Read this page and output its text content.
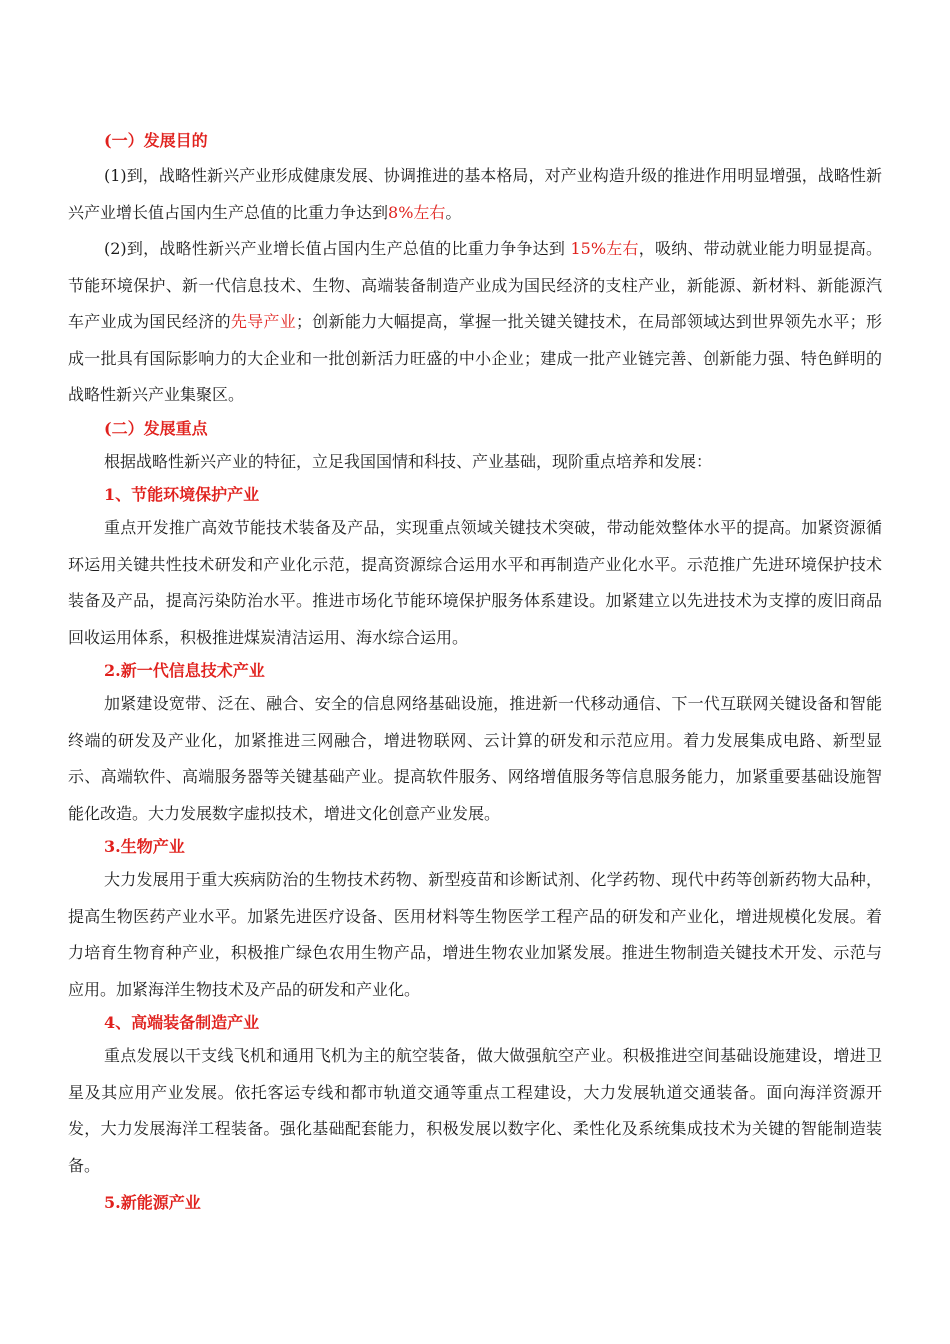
(一）发展目的

(1)到，战略性新兴产业形成健康发展、协调推进的基本格局，对产业构造升级的推进作用明显增强，战略性新兴产业增长值占国内生产总值的比重力争达到8%左右。

(2)到，战略性新兴产业增长值占国内生产总值的比重力争争达到 15%左右，吸纳、带动就业能力明显提高。节能环境保护、新一代信息技术、生物、高端装备制造产业成为国民经济的支柱产业，新能源、新材料、新能源汽车产业成为国民经济的先导产业；创新能力大幅提高，掌握一批关键关键技术，在局部领域达到世界领先水平；形成一批具有国际影响力的大企业和一批创新活力旺盛的中小企业；建成一批产业链完善、创新能力强、特色鲜明的战略性新兴产业集聚区。

(二）发展重点

根据战略性新兴产业的特征，立足我国国情和科技、产业基础，现阶重点培养和发展：

1、节能环境保护产业

重点开发推广高效节能技术装备及产品，实现重点领域关键技术突破，带动能效整体水平的提高。加紧资源循环运用关键共性技术研发和产业化示范，提高资源综合运用水平和再制造产业化水平。示范推广先进环境保护技术装备及产品，提高污染防治水平。推进市场化节能环境保护服务体系建设。加紧建立以先进技术为支撑的废旧商品回收运用体系，积极推进煤炭清洁运用、海水综合运用。

2.新一代信息技术产业

加紧建设宽带、泛在、融合、安全的信息网络基础设施，推进新一代移动通信、下一代互联网关键设备和智能终端的研发及产业化，加紧推进三网融合，增进物联网、云计算的研发和示范应用。着力发展集成电路、新型显示、高端软件、高端服务器等关键基础产业。提高软件服务、网络增值服务等信息服务能力，加紧重要基础设施智能化改造。大力发展数字虚拟技术，增进文化创意产业发展。

3.生物产业

大力发展用于重大疾病防治的生物技术药物、新型疫苗和诊断试剂、化学药物、现代中药等创新药物大品种，提高生物医药产业水平。加紧先进医疗设备、医用材料等生物医学工程产品的研发和产业化，增进规模化发展。着力培育生物育种产业，积极推广绿色农用生物产品，增进生物农业加紧发展。推进生物制造关键技术开发、示范与应用。加紧海洋生物技术及产品的研发和产业化。

4、高端装备制造产业

重点发展以干支线飞机和通用飞机为主的航空装备，做大做强航空产业。积极推进空间基础设施建设，增进卫星及其应用产业发展。依托客运专线和都市轨道交通等重点工程建设，大力发展轨道交通装备。面向海洋资源开发，大力发展海洋工程装备。强化基础配套能力，积极发展以数字化、柔性化及系统集成技术为关键的智能制造装备。

5.新能源产业
